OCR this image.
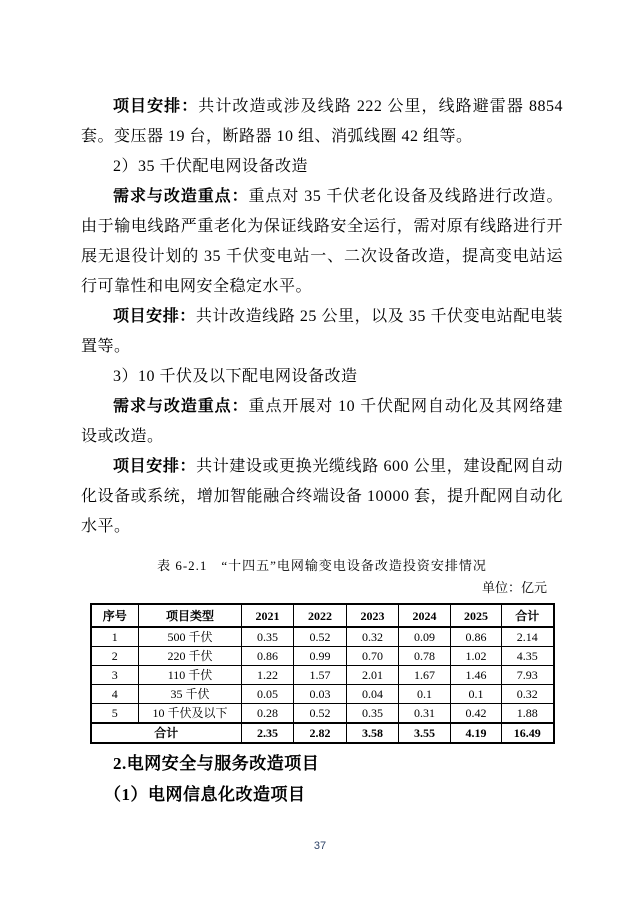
项目安排：共计改造或涉及线路 222 公里，线路避雷器 8854 套。变压器 19 台，断路器 10 组、消弧线圈 42 组等。

2）35 千伏配电网设备改造

需求与改造重点：重点对 35 千伏老化设备及线路进行改造。由于输电线路严重老化为保证线路安全运行，需对原有线路进行开展无退役计划的 35 千伏变电站一、二次设备改造，提高变电站运行可靠性和电网安全稳定水平。

项目安排：共计改造线路 25 公里，以及 35 千伏变电站配电装置等。

3）10 千伏及以下配电网设备改造

需求与改造重点：重点开展对 10 千伏配网自动化及其网络建设或改造。

项目安排：共计建设或更换光缆线路 600 公里，建设配网自动化设备或系统，增加智能融合终端设备 10000 套，提升配网自动化水平。

表 6-2.1　“十四五”电网输变电设备改造投资安排情况
单位：亿元
序号	项目类型	2021	2022	2023	2024	2025	合计
1	500 千伏	0.35	0.52	0.32	0.09	0.86	2.14
2	220 千伏	0.86	0.99	0.70	0.78	1.02	4.35
3	110 千伏	1.22	1.57	2.01	1.67	1.46	7.93
4	35 千伏	0.05	0.03	0.04	0.1	0.1	0.32
5	10 千伏及以下	0.28	0.52	0.35	0.31	0.42	1.88
合计		2.35	2.82	3.58	3.55	4.19	16.49

2.电网安全与服务改造项目

（1）电网信息化改造项目

37
